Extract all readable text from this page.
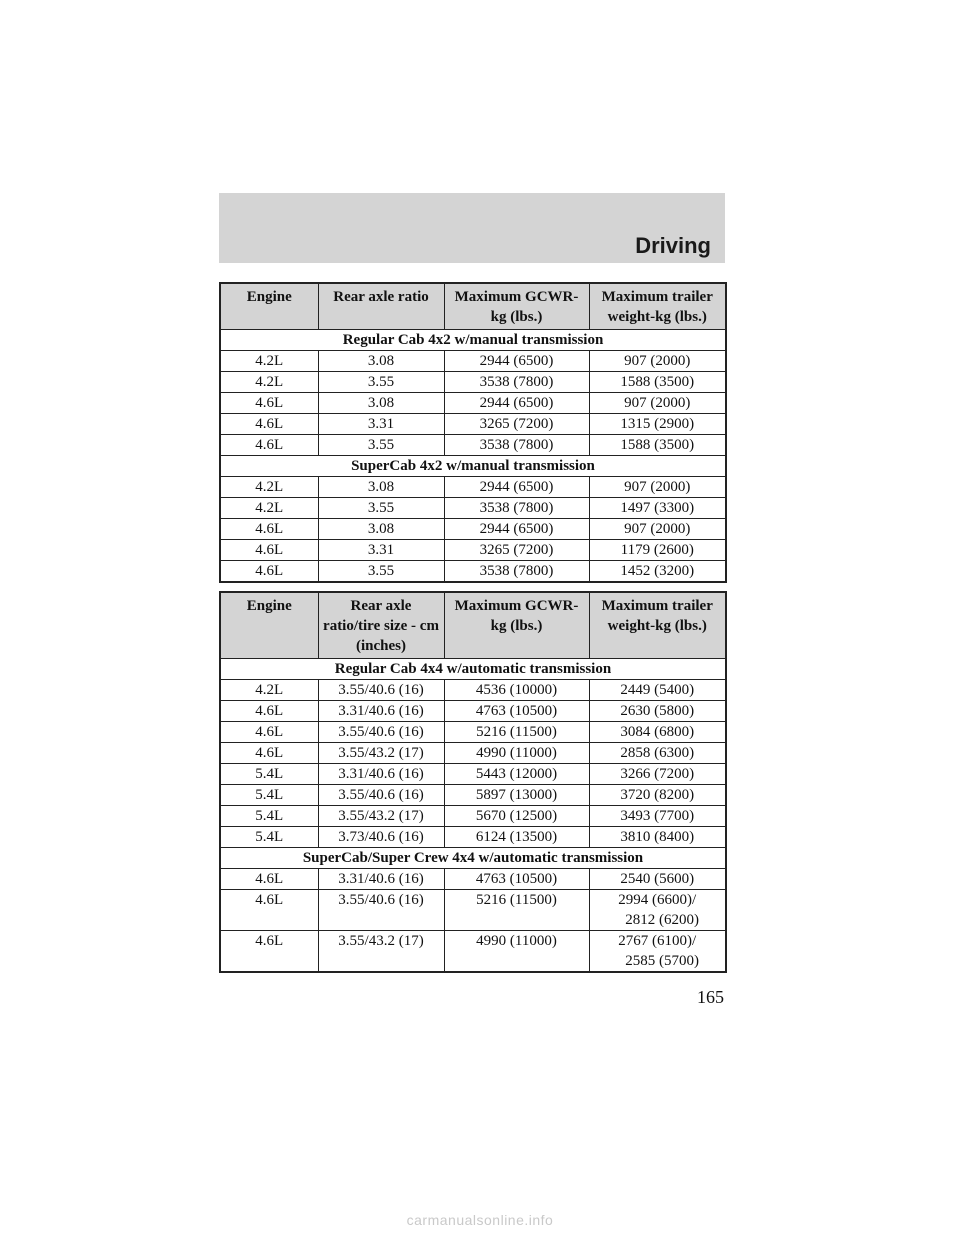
Driving
Engine	Rear axle ratio	Maximum GCWR-kg (lbs.)	Maximum trailer weight-kg (lbs.)
Regular Cab 4x2 w/manual transmission			
4.2L	3.08	2944 (6500)	907 (2000)
4.2L	3.55	3538 (7800)	1588 (3500)
4.6L	3.08	2944 (6500)	907 (2000)
4.6L	3.31	3265 (7200)	1315 (2900)
4.6L	3.55	3538 (7800)	1588 (3500)
SuperCab 4x2 w/manual transmission			
4.2L	3.08	2944 (6500)	907 (2000)
4.2L	3.55	3538 (7800)	1497 (3300)
4.6L	3.08	2944 (6500)	907 (2000)
4.6L	3.31	3265 (7200)	1179 (2600)
4.6L	3.55	3538 (7800)	1452 (3200)
Engine	Rear axle ratio/tire size - cm (inches)	Maximum GCWR-kg (lbs.)	Maximum trailer weight-kg (lbs.)
Regular Cab 4x4 w/automatic transmission			
4.2L	3.55/40.6 (16)	4536 (10000)	2449 (5400)
4.6L	3.31/40.6 (16)	4763 (10500)	2630 (5800)
4.6L	3.55/40.6 (16)	5216 (11500)	3084 (6800)
4.6L	3.55/43.2 (17)	4990 (11000)	2858 (6300)
5.4L	3.31/40.6 (16)	5443 (12000)	3266 (7200)
5.4L	3.55/40.6 (16)	5897 (13000)	3720 (8200)
5.4L	3.55/43.2 (17)	5670 (12500)	3493 (7700)
5.4L	3.73/40.6 (16)	6124 (13500)	3810 (8400)
SuperCab/Super Crew 4x4 w/automatic transmission			
4.6L	3.31/40.6 (16)	4763 (10500)	2540 (5600)
4.6L	3.55/40.6 (16)	5216 (11500)	2994 (6600)/
2812 (6200)

4.6L	3.55/43.2 (17)	4990 (11000)	2767 (6100)/
2585 (5700)
165
carmanualsonline.info
